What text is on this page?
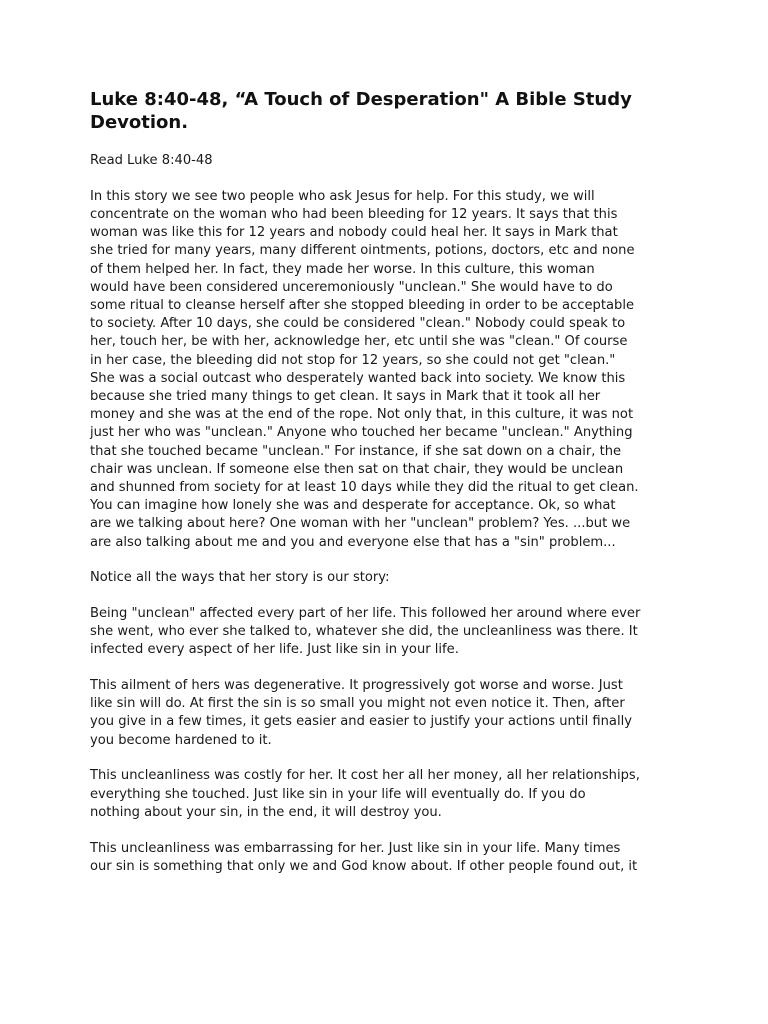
Luke 8:40-48, “A Touch of Desperation" A Bible Study Devotion.

Read Luke 8:40-48

In this story we see two people who ask Jesus for help. For this study, we will
concentrate on the woman who had been bleeding for 12 years. It says that this
woman was like this for 12 years and nobody could heal her. It says in Mark that
she tried for many years, many different ointments, potions, doctors, etc and none
of them helped her. In fact, they made her worse. In this culture, this woman
would have been considered unceremoniously "unclean." She would have to do
some ritual to cleanse herself after she stopped bleeding in order to be acceptable
to society. After 10 days, she could be considered "clean." Nobody could speak to
her, touch her, be with her, acknowledge her, etc until she was "clean." Of course
in her case, the bleeding did not stop for 12 years, so she could not get "clean."
She was a social outcast who desperately wanted back into society. We know this
because she tried many things to get clean. It says in Mark that it took all her
money and she was at the end of the rope. Not only that, in this culture, it was not
just her who was "unclean." Anyone who touched her became "unclean." Anything
that she touched became "unclean." For instance, if she sat down on a chair, the
chair was unclean. If someone else then sat on that chair, they would be unclean
and shunned from society for at least 10 days while they did the ritual to get clean.
You can imagine how lonely she was and desperate for acceptance. Ok, so what
are we talking about here? One woman with her "unclean" problem? Yes. ...but we
are also talking about me and you and everyone else that has a "sin" problem...

Notice all the ways that her story is our story:

Being "unclean" affected every part of her life. This followed her around where ever
she went, who ever she talked to, whatever she did, the uncleanliness was there. It
infected every aspect of her life. Just like sin in your life.

This ailment of hers was degenerative. It progressively got worse and worse. Just
like sin will do. At first the sin is so small you might not even notice it. Then, after
you give in a few times, it gets easier and easier to justify your actions until finally
you become hardened to it.

This uncleanliness was costly for her. It cost her all her money, all her relationships,
everything she touched. Just like sin in your life will eventually do. If you do
nothing about your sin, in the end, it will destroy you.

This uncleanliness was embarrassing for her. Just like sin in your life. Many times
our sin is something that only we and God know about. If other people found out, it
